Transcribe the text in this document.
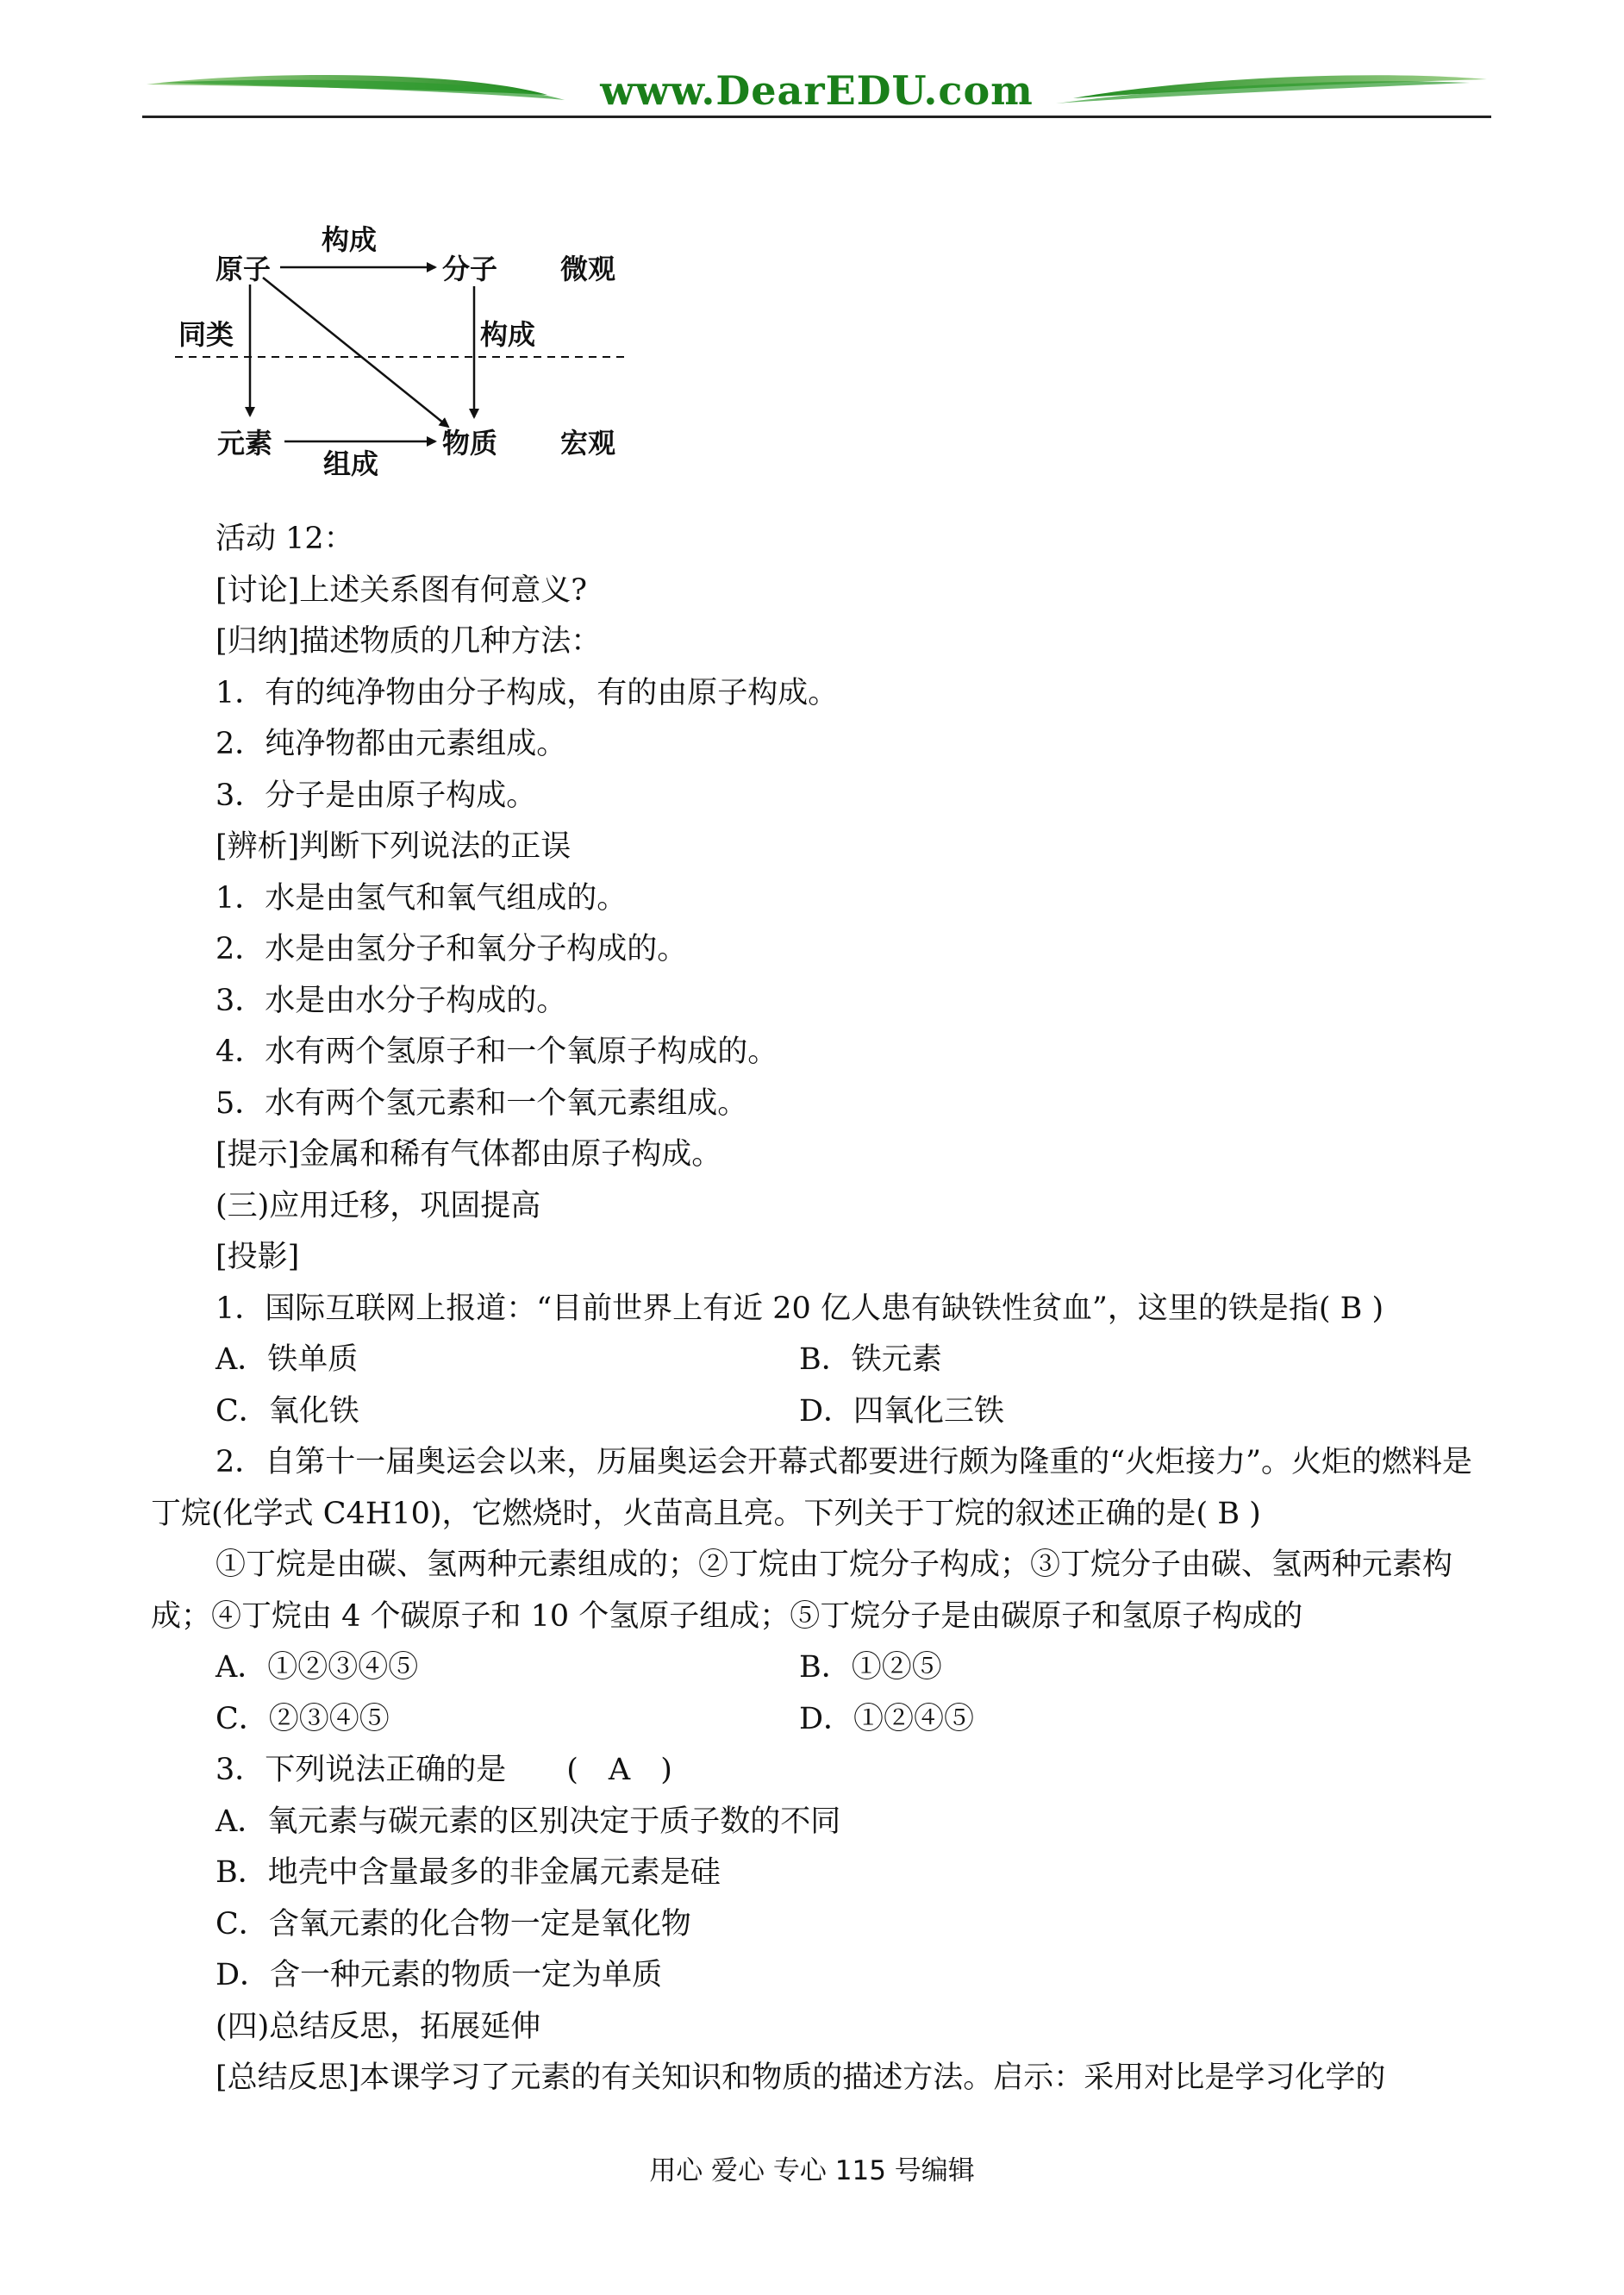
www.DearEDU.com
原子	分子 微观
构成
同类	构成
元素	物质 宏观
组成
活动 12：
[讨论]上述关系图有何意义?
[归纳]描述物质的几种方法：
1．有的纯净物由分子构成，有的由原子构成。
2．纯净物都由元素组成。
3．分子是由原子构成。
[辨析]判断下列说法的正误
1．水是由氢气和氧气组成的。
2．水是由氢分子和氧分子构成的。
3．水是由水分子构成的。
4．水有两个氢原子和一个氧原子构成的。
5．水有两个氢元素和一个氧元素组成。
[提示]金属和稀有气体都由原子构成。
(三)应用迁移，巩固提高
[投影]
1．国际互联网上报道：“目前世界上有近 20 亿人患有缺铁性贫血”，这里的铁是指( B )
A．铁单质	B．铁元素
C．氧化铁	D．四氧化三铁
2．自第十一届奥运会以来，历届奥运会开幕式都要进行颇为隆重的“火炬接力”。火炬的燃料是丁烷(化学式 C4H10)，它燃烧时，火苗高且亮。下列关于丁烷的叙述正确的是( B )
①丁烷是由碳、氢两种元素组成的；②丁烷由丁烷分子构成；③丁烷分子由碳、氢两种元素构成；④丁烷由 4 个碳原子和 10 个氢原子组成；⑤丁烷分子是由碳原子和氢原子构成的
A．①②③④⑤	B．①②⑤
C．②③④⑤	D．①②④⑤
3．下列说法正确的是　　(　A　)
A．氧元素与碳元素的区别决定于质子数的不同
B．地壳中含量最多的非金属元素是硅
C．含氧元素的化合物一定是氧化物
D．含一种元素的物质一定为单质
(四)总结反思，拓展延伸
[总结反思]本课学习了元素的有关知识和物质的描述方法。启示：采用对比是学习化学的
用心 爱心 专心 115 号编辑
